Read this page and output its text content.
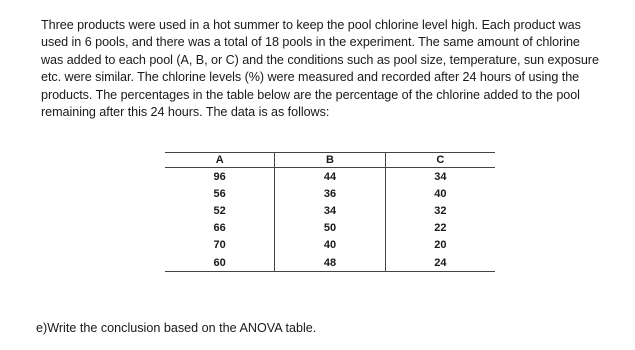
Three products were used in a hot summer to keep the pool chlorine level high. Each product was
used in 6 pools, and there was a total of 18 pools in the experiment. The same amount of chlorine
was added to each pool (A, B, or C) and the conditions such as pool size, temperature, sun exposure
etc. were similar. The chlorine levels (%) were measured and recorded after 24 hours of using the
products. The percentages in the table below are the percentage of the chlorine added to the pool
remaining after this 24 hours. The data is as follows:
A	B	C
96	44	34
56	36	40
52	34	32
66	50	22
70	40	20
60	48	24
e)Write the conclusion based on the ANOVA table.
